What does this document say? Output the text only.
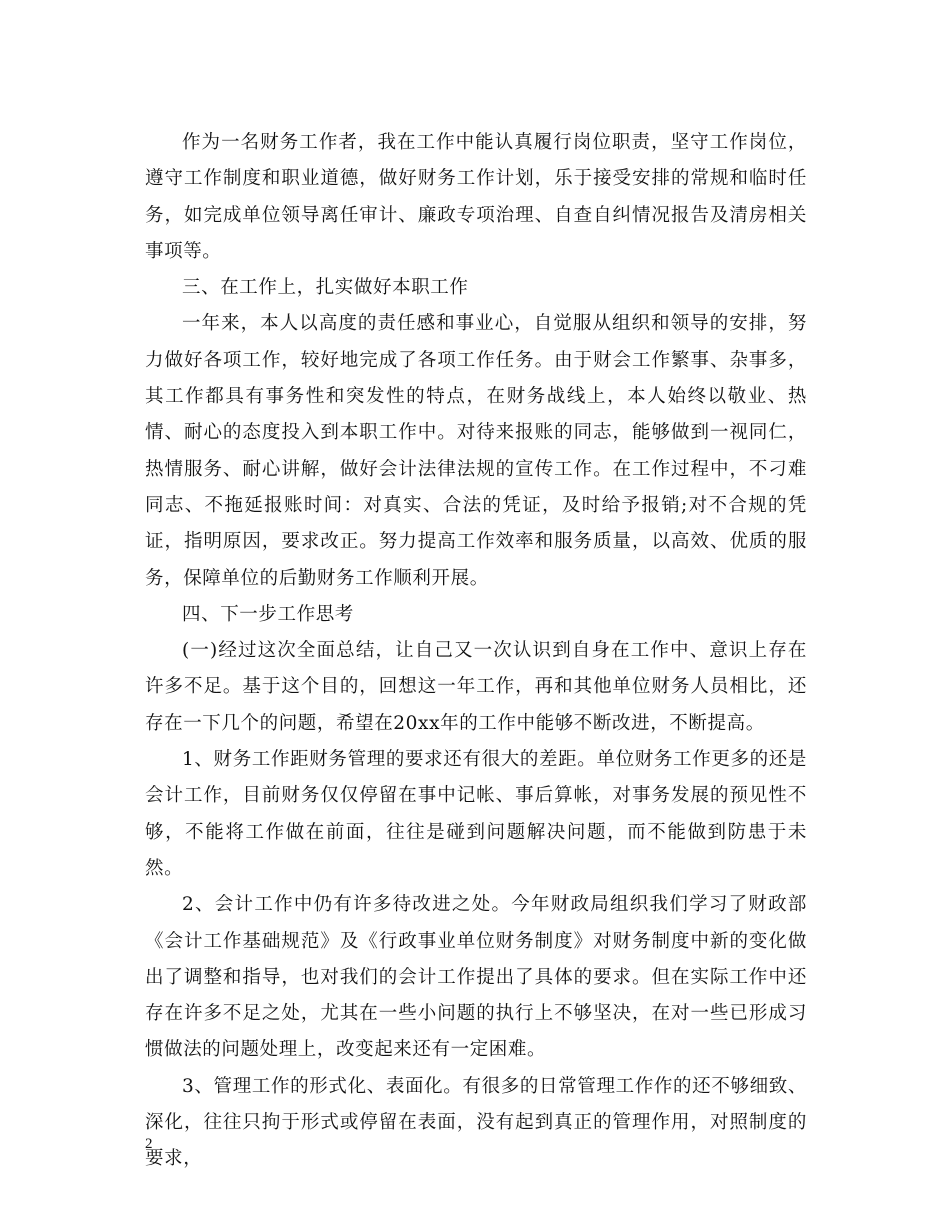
作为一名财务工作者，我在工作中能认真履行岗位职责，坚守工作岗位，遵守工作制度和职业道德，做好财务工作计划，乐于接受安排的常规和临时任务，如完成单位领导离任审计、廉政专项治理、自查自纠情况报告及清房相关事项等。

三、在工作上，扎实做好本职工作

一年来，本人以高度的责任感和事业心，自觉服从组织和领导的安排，努力做好各项工作，较好地完成了各项工作任务。由于财会工作繁事、杂事多，其工作都具有事务性和突发性的特点，在财务战线上，本人始终以敬业、热情、耐心的态度投入到本职工作中。对待来报账的同志，能够做到一视同仁，热情服务、耐心讲解，做好会计法律法规的宣传工作。在工作过程中，不刁难同志、不拖延报账时间：对真实、合法的凭证，及时给予报销;对不合规的凭证，指明原因，要求改正。努力提高工作效率和服务质量，以高效、优质的服务，保障单位的后勤财务工作顺利开展。

四、下一步工作思考

(一)经过这次全面总结，让自己又一次认识到自身在工作中、意识上存在许多不足。基于这个目的，回想这一年工作，再和其他单位财务人员相比，还存在一下几个的问题，希望在20xx年的工作中能够不断改进，不断提高。

1、财务工作距财务管理的要求还有很大的差距。单位财务工作更多的还是会计工作，目前财务仅仅停留在事中记帐、事后算帐，对事务发展的预见性不够，不能将工作做在前面，往往是碰到问题解决问题，而不能做到防患于未然。

2、会计工作中仍有许多待改进之处。今年财政局组织我们学习了财政部《会计工作基础规范》及《行政事业单位财务制度》对财务制度中新的变化做出了调整和指导，也对我们的会计工作提出了具体的要求。但在实际工作中还存在许多不足之处，尤其在一些小问题的执行上不够坚决，在对一些已形成习惯做法的问题处理上，改变起来还有一定困难。

3、管理工作的形式化、表面化。有很多的日常管理工作作的还不够细致、深化，往往只拘于形式或停留在表面，没有起到真正的管理作用，对照制度的要求，

2
